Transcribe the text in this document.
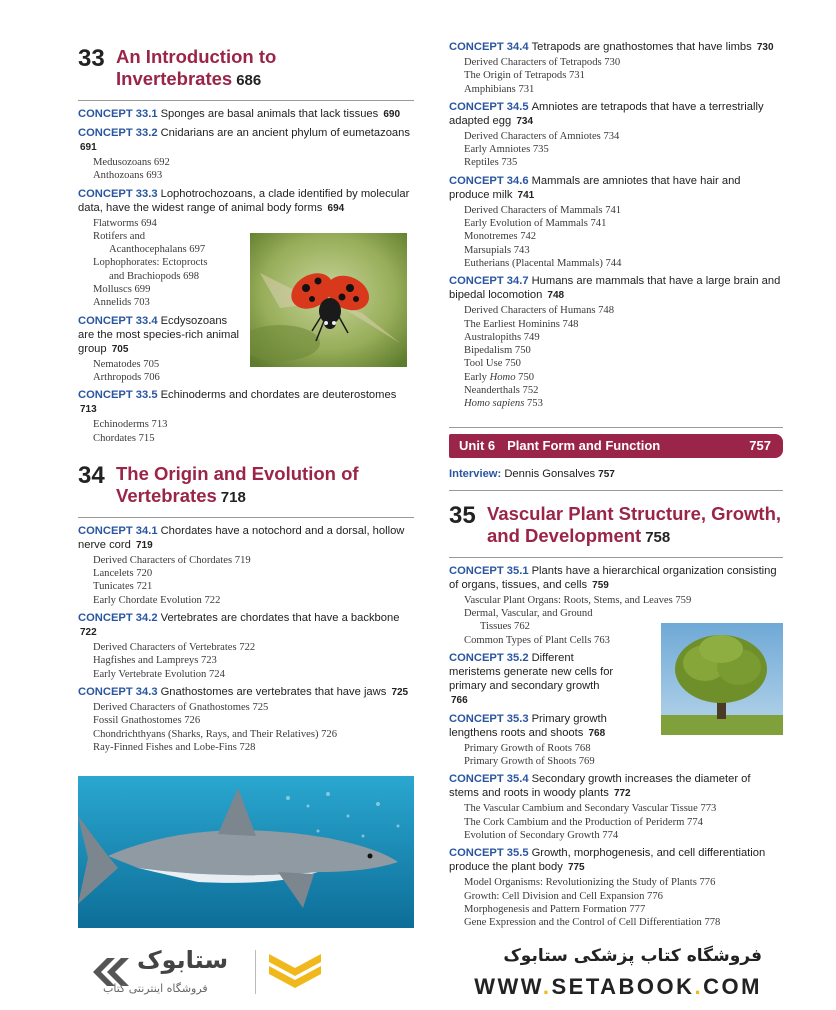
33 An Introduction to
Invertebrates 686
CONCEPT 33.1 Sponges are basal animals that lack tissues 690
CONCEPT 33.2 Cnidarians are an ancient phylum of eumetazoans 691
Medusozoans 692
Anthozoans 693
CONCEPT 33.3 Lophotrochozoans, a clade identified by molecular data, have the widest range of animal body forms 694
Flatworms 694
Rotifers and
Acanthocephalans 697
Lophophorates: Ectoprocts
and Brachiopods 698
Molluscs 699
Annelids 703
CONCEPT 33.4 Ecdysozoans are the most species-rich animal group 705
Nematodes 705
Arthropods 706
CONCEPT 33.5 Echinoderms and chordates are deuterostomes 713
Echinoderms 713
Chordates 715
34 The Origin and Evolution of
Vertebrates 718
CONCEPT 34.1 Chordates have a notochord and a dorsal, hollow nerve cord 719
Derived Characters of Chordates 719
Lancelets 720
Tunicates 721
Early Chordate Evolution 722
CONCEPT 34.2 Vertebrates are chordates that have a backbone 722
Derived Characters of Vertebrates 722
Hagfishes and Lampreys 723
Early Vertebrate Evolution 724
CONCEPT 34.3 Gnathostomes are vertebrates that have jaws 725
Derived Characters of Gnathostomes 725
Fossil Gnathostomes 726
Chondrichthyans (Sharks, Rays, and Their Relatives) 726
Ray-Finned Fishes and Lobe-Fins 728
CONCEPT 34.4 Tetrapods are gnathostomes that have limbs 730
Derived Characters of Tetrapods 730
The Origin of Tetrapods 731
Amphibians 731
CONCEPT 34.5 Amniotes are tetrapods that have a terrestrially adapted egg 734
Derived Characters of Amniotes 734
Early Amniotes 735
Reptiles 735
CONCEPT 34.6 Mammals are amniotes that have hair and produce milk 741
Derived Characters of Mammals 741
Early Evolution of Mammals 741
Monotremes 742
Marsupials 743
Eutherians (Placental Mammals) 744
CONCEPT 34.7 Humans are mammals that have a large brain and bipedal locomotion 748
Derived Characters of Humans 748
The Earliest Hominins 748
Australopiths 749
Bipedalism 750
Tool Use 750
Early Homo 750
Neanderthals 752
Homo sapiens 753
Unit 6 Plant Form and Function	757
Interview: Dennis Gonsalves 757
35 Vascular Plant Structure, Growth,
and Development 758
CONCEPT 35.1 Plants have a hierarchical organization consisting of organs, tissues, and cells 759
Vascular Plant Organs: Roots, Stems, and Leaves 759
Dermal, Vascular, and Ground
Tissues 762
Common Types of Plant Cells 763
CONCEPT 35.2 Different meristems generate new cells for primary and secondary growth 766
CONCEPT 35.3 Primary growth lengthens roots and shoots 768
Primary Growth of Roots 768
Primary Growth of Shoots 769
CONCEPT 35.4 Secondary growth increases the diameter of stems and roots in woody plants 772
The Vascular Cambium and Secondary Vascular Tissue 773
The Cork Cambium and the Production of Periderm 774
Evolution of Secondary Growth 774
CONCEPT 35.5 Growth, morphogenesis, and cell differentiation produce the plant body 775
Model Organisms: Revolutionizing the Study of Plants 776
Growth: Cell Division and Cell Expansion 776
Morphogenesis and Pattern Formation 777
Gene Expression and the Control of Cell Differentiation 778
ستابوک
فروشگاه اینترنتی کتاب
فروشگاه کتاب پزشکی ستابوک
WWW.SETABOOK.COM
